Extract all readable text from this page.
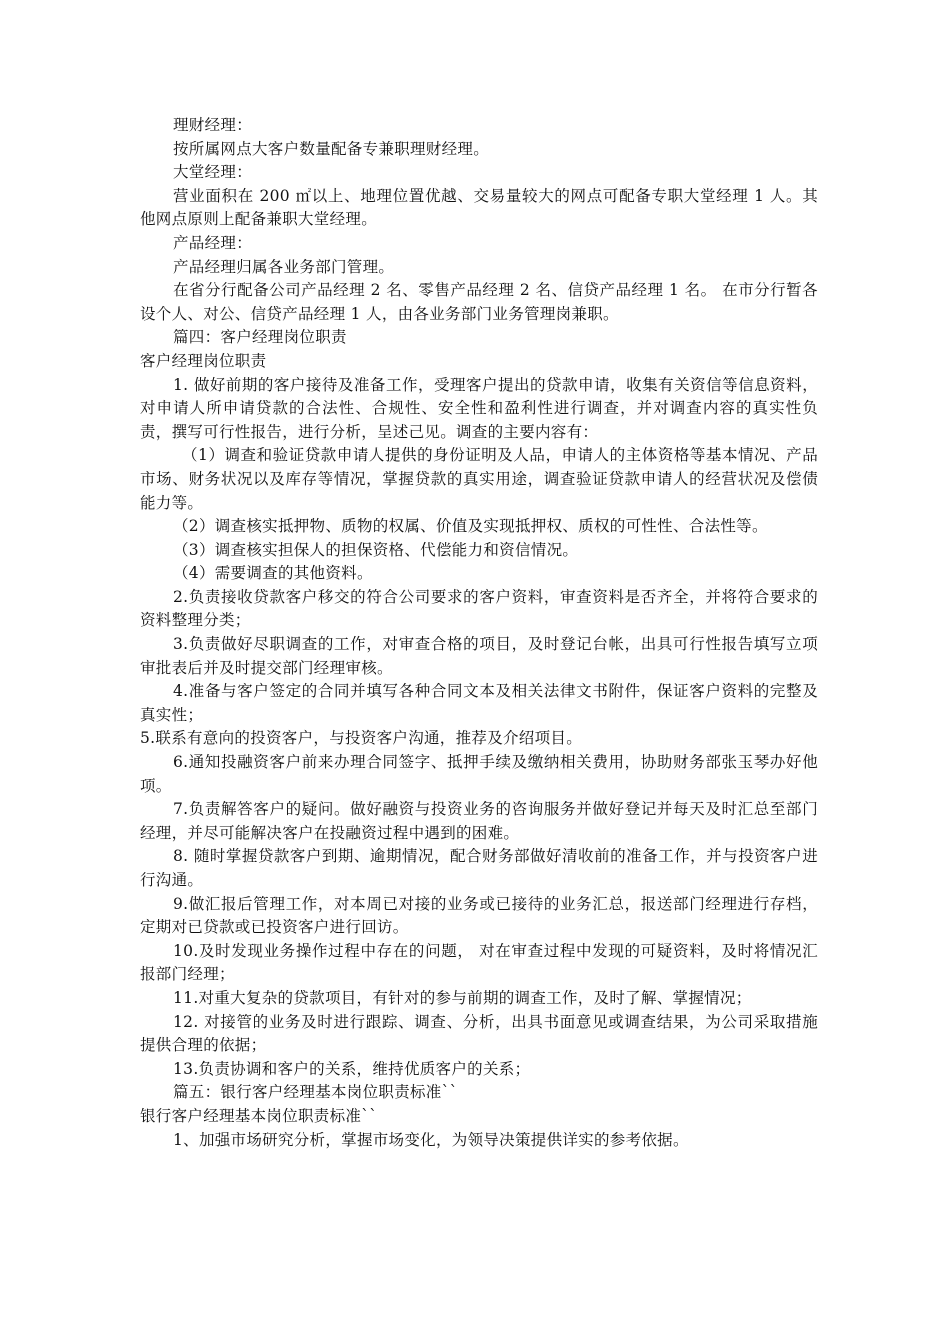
理财经理：

按所属网点大客户数量配备专兼职理财经理。

大堂经理：

营业面积在 200 ㎡以上、地理位置优越、交易量较大的网点可配备专职大堂经理 1 人。其他网点原则上配备兼职大堂经理。

产品经理：

产品经理归属各业务部门管理。

在省分行配备公司产品经理 2 名、零售产品经理 2 名、信贷产品经理 1 名。 在市分行暂各设个人、对公、信贷产品经理 1 人，由各业务部门业务管理岗兼职。

篇四：客户经理岗位职责

客户经理岗位职责

1. 做好前期的客户接待及准备工作，受理客户提出的贷款申请，收集有关资信等信息资料，对申请人所申请贷款的合法性、合规性、安全性和盈利性进行调查，并对调查内容的真实性负责，撰写可行性报告，进行分析，呈述己见。调查的主要内容有：

（1）调查和验证贷款申请人提供的身份证明及人品，申请人的主体资格等基本情况、产品市场、财务状况以及库存等情况，掌握贷款的真实用途，调查验证贷款申请人的经营状况及偿债能力等。

（2）调查核实抵押物、质物的权属、价值及实现抵押权、质权的可性性、合法性等。

（3）调查核实担保人的担保资格、代偿能力和资信情况。

（4）需要调查的其他资料。

2.负责接收贷款客户移交的符合公司要求的客户资料，审查资料是否齐全，并将符合要求的资料整理分类；

3.负责做好尽职调查的工作，对审查合格的项目，及时登记台帐，出具可行性报告填写立项审批表后并及时提交部门经理审核。

4.准备与客户签定的合同并填写各种合同文本及相关法律文书附件，保证客户资料的完整及真实性；

5.联系有意向的投资客户，与投资客户沟通，推荐及介绍项目。

6.通知投融资客户前来办理合同签字、抵押手续及缴纳相关费用，协助财务部张玉琴办好他项。

7.负责解答客户的疑问。做好融资与投资业务的咨询服务并做好登记并每天及时汇总至部门经理，并尽可能解决客户在投融资过程中遇到的困难。

8. 随时掌握贷款客户到期、逾期情况，配合财务部做好清收前的准备工作，并与投资客户进行沟通。

9.做汇报后管理工作，对本周已对接的业务或已接待的业务汇总，报送部门经理进行存档，定期对已贷款或已投资客户进行回访。

10.及时发现业务操作过程中存在的问题， 对在审查过程中发现的可疑资料，及时将情况汇报部门经理；

11.对重大复杂的贷款项目，有针对的参与前期的调查工作，及时了解、掌握情况；

12. 对接管的业务及时进行跟踪、调查、分析，出具书面意见或调查结果，为公司采取措施提供合理的依据；

13.负责协调和客户的关系，维持优质客户的关系；

篇五：银行客户经理基本岗位职责标准``

银行客户经理基本岗位职责标准``

1、加强市场研究分析，掌握市场变化，为领导决策提供详实的参考依据。
